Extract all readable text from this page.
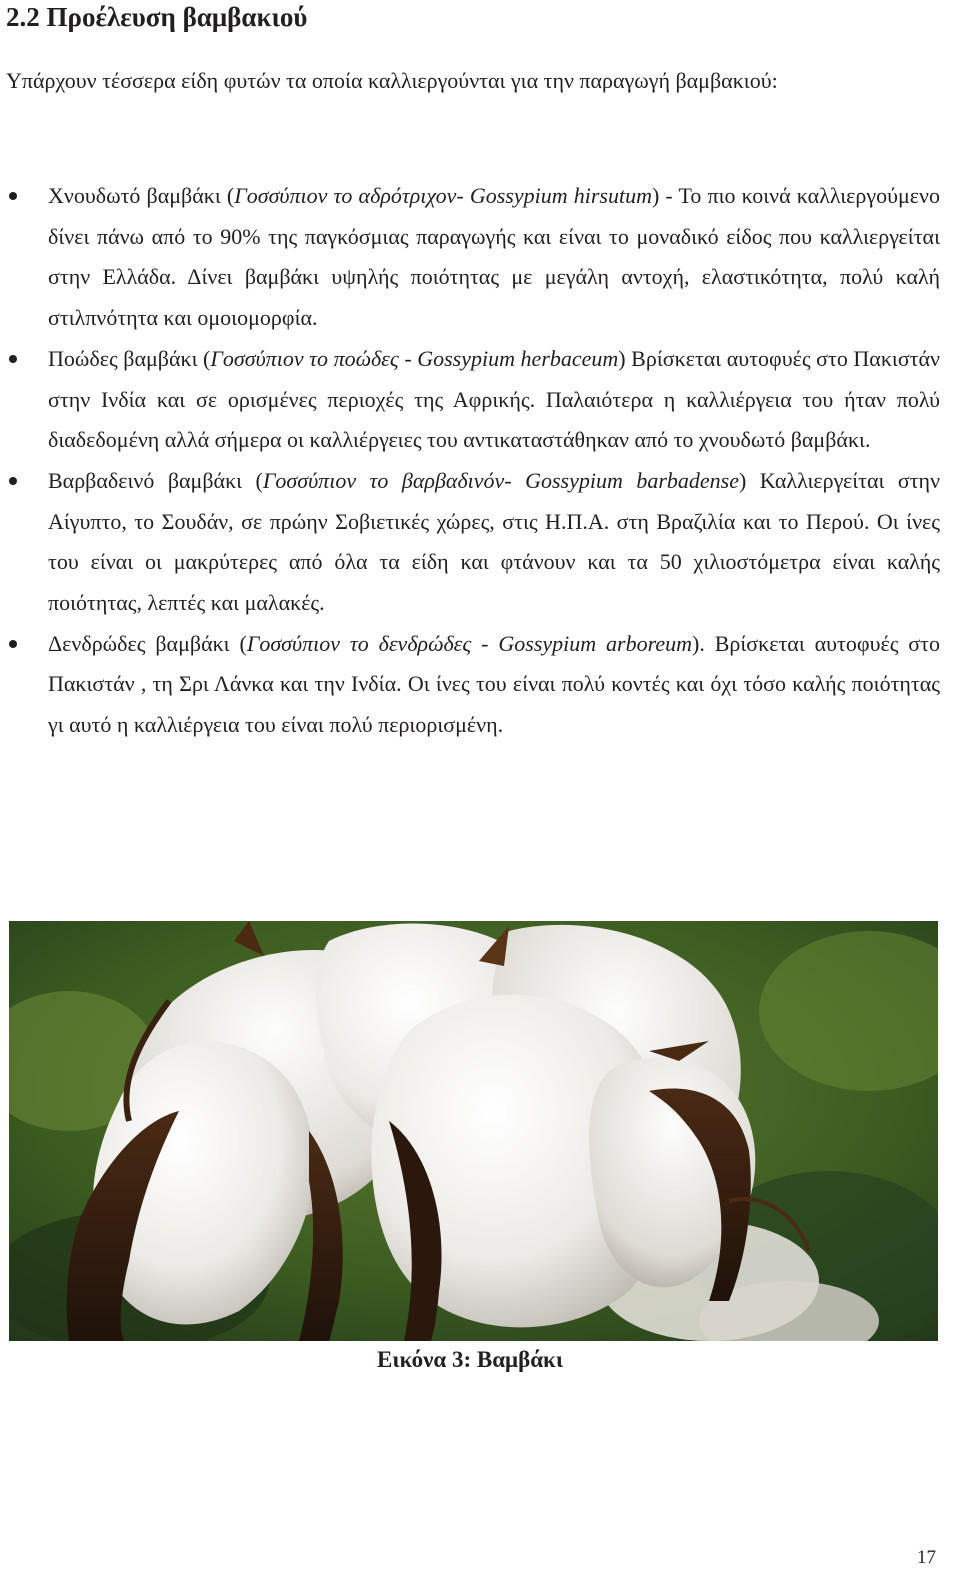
2.2 Προέλευση βαμβακιού

Υπάρχουν τέσσερα είδη φυτών τα οποία καλλιεργούνται για την παραγωγή βαμβακιού:

Χνουδωτό βαμβάκι (Γοσσύπιον το αδρότριχον- Gossypium hirsutum) - Το πιο κοινά καλλιεργούμενο δίνει πάνω από το 90% της παγκόσμιας παραγωγής και είναι το μοναδικό είδος που καλλιεργείται στην Ελλάδα. Δίνει βαμβάκι υψηλής ποιότητας με μεγάλη αντοχή, ελαστικότητα, πολύ καλή στιλπνότητα και ομοιομορφία.
Ποώδες βαμβάκι (Γοσσύπιον το ποώδες - Gossypium herbaceum) Βρίσκεται αυτοφυές στο Πακιστάν στην Ινδία και σε ορισμένες περιοχές της Αφρικής. Παλαιότερα η καλλιέργεια του ήταν πολύ διαδεδομένη αλλά σήμερα οι καλλιέργειες του αντικαταστάθηκαν από το χνουδωτό βαμβάκι.
Βαρβαδεινό βαμβάκι (Γοσσύπιον το βαρβαδινόν- Gossypium barbadense) Καλλιεργείται στην Αίγυπτο, το Σουδάν, σε πρώην Σοβιετικές χώρες, στις Η.Π.Α. στη Βραζιλία και το Περού. Οι ίνες του είναι οι μακρύτερες από όλα τα είδη και φτάνουν και τα 50 χιλιοστόμετρα είναι καλής ποιότητας, λεπτές και μαλακές.
Δενδρώδες βαμβάκι (Γοσσύπιον το δενδρώδες - Gossypium arboreum). Βρίσκεται αυτοφυές στο Πακιστάν , τη Σρι Λάνκα και την Ινδία. Οι ίνες του είναι πολύ κοντές και όχι τόσο καλής ποιότητας γι αυτό η καλλιέργεια του είναι πολύ περιορισμένη.

Εικόνα 3: Βαμβάκι

17
